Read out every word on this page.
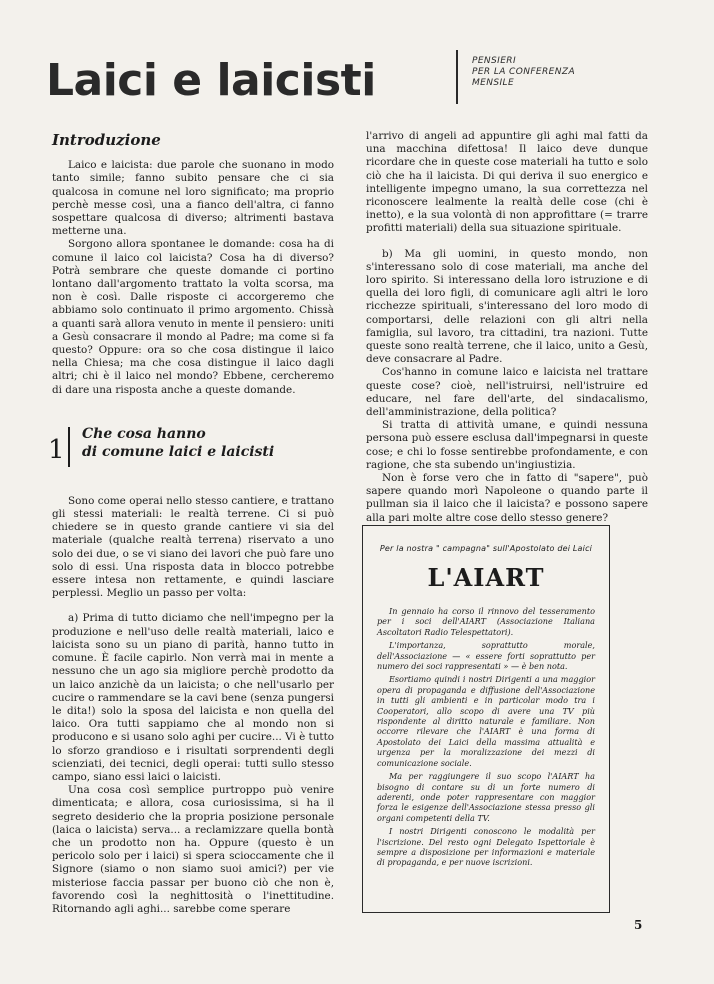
Laici e laicisti	PENSIERI
PER LA CONFERENZA
MENSILE
Introduzione

Laico e laicista: due parole che suonano in modo tanto simile; fanno subito pensare che ci sia qualcosa in comune nel loro significato; ma proprio perchè messe così, una a fianco dell'altra, ci fanno sospettare qualcosa di diverso; altrimenti bastava metterne una.

Sorgono allora spontanee le domande: cosa ha di comune il laico col laicista? Cosa ha di diverso? Potrà sembrare che queste domande ci portino lontano dall'argomento trattato la volta scorsa, ma non è così. Dalle risposte ci accorgeremo che abbiamo solo continuato il primo argomento. Chissà a quanti sarà allora venuto in mente il pensiero: uniti a Gesù consacrare il mondo al Padre; ma come si fa questo? Oppure: ora so che cosa distingue il laico nella Chiesa; ma che cosa distingue il laico dagli altri; chi è il laico nel mondo? Ebbene, cercheremo di dare una risposta anche a queste domande.

1
Che cosa hanno
di comune laici e laicisti

Sono come operai nello stesso cantiere, e trattano gli stessi materiali: le realtà terrene. Ci si può chiedere se in questo grande cantiere vi sia del materiale (qualche realtà terrena) riservato a uno solo dei due, o se vi siano dei lavori che può fare uno solo di essi. Una risposta data in blocco potrebbe essere intesa non rettamente, e quindi lasciare perplessi. Meglio un passo per volta:

a) Prima di tutto diciamo che nell'impegno per la produzione e nell'uso delle realtà materiali, laico e laicista sono su un piano di parità, hanno tutto in comune. È facile capirlo. Non verrà mai in mente a nessuno che un ago sia migliore perchè prodotto da un laico anzichè da un laicista; o che nell'usarlo per cucire o rammendare se la cavi bene (senza pungersi le dita!) solo la sposa del laicista e non quella del laico. Ora tutti sappiamo che al mondo non si producono e si usano solo aghi per cucire... Vi è tutto lo sforzo grandioso e i risultati sorprendenti degli scienziati, dei tecnici, degli operai: tutti sullo stesso campo, siano essi laici o laicisti.

Una cosa così semplice purtroppo può venire dimenticata; e allora, cosa curiosissima, si ha il segreto desiderio che la propria posizione personale (laica o laicista) serva... a reclamizzare quella bontà che un prodotto non ha. Oppure (questo è un pericolo solo per i laici) si spera scioccamente che il Signore (siamo o non siamo suoi amici?) per vie misteriose faccia passar per buono ciò che non è, favorendo così la neghittosità o l'inettitudine. Ritornando agli aghi... sarebbe come sperare

l'arrivo di angeli ad appuntire gli aghi mal fatti da una macchina difettosa! Il laico deve dunque ricordare che in queste cose materiali ha tutto e solo ciò che ha il laicista. Di qui deriva il suo energico e intelligente impegno umano, la sua correttezza nel riconoscere lealmente la realtà delle cose (chi è inetto), e la sua volontà di non approfittare (= trarre profitti materiali) della sua situazione spirituale.

b) Ma gli uomini, in questo mondo, non s'interessano solo di cose materiali, ma anche del loro spirito. Si interessano della loro istruzione e di quella dei loro figli, di comunicare agli altri le loro ricchezze spirituali, s'interessano del loro modo di comportarsi, delle relazioni con gli altri nella famiglia, sul lavoro, tra cittadini, tra nazioni. Tutte queste sono realtà terrene, che il laico, unito a Gesù, deve consacrare al Padre.

Cos'hanno in comune laico e laicista nel trattare queste cose? cioè, nell'istruirsi, nell'istruire ed educare, nel fare dell'arte, del sindacalismo, dell'amministrazione, della politica?

Si tratta di attività umane, e quindi nessuna persona può essere esclusa dall'impegnarsi in queste cose; e chi lo fosse sentirebbe profondamente, e con ragione, che sta subendo un'ingiustizia.

Non è forse vero che in fatto di "sapere", può sapere quando morì Napoleone o quando parte il pullman sia il laico che il laicista? e possono sapere alla pari molte altre cose dello stesso genere?

Per la nostra " campagna" sull'Apostolato dei Laici
L'AIART

In gennaio ha corso il rinnovo del tesseramento per i soci dell'AIART (Associazione Italiana Ascoltatori Radio Telespettatori).

L'importanza, soprattutto morale, dell'Associazione — « essere forti soprattutto per numero dei soci rappresentati » — è ben nota.

Esortiamo quindi i nostri Dirigenti a una maggior opera di propaganda e diffusione dell'Associazione in tutti gli ambienti e in particolar modo tra i Cooperatori, allo scopo di avere una TV più rispondente al diritto naturale e familiare. Non occorre rilevare che l'AIART è una forma di Apostolato dei Laici della massima attualità e urgenza per la moralizzazione dei mezzi di comunicazione sociale.

Ma per raggiungere il suo scopo l'AIART ha bisogno di contare su di un forte numero di aderenti, onde poter rappresentare con maggior forza le esigenze dell'Associazione stessa presso gli organi competenti della TV.

I nostri Dirigenti conoscono le modalità per l'iscrizione. Del resto ogni Delegato Ispettoriale è sempre a disposizione per informazioni e materiale di propaganda, e per nuove iscrizioni.

5
